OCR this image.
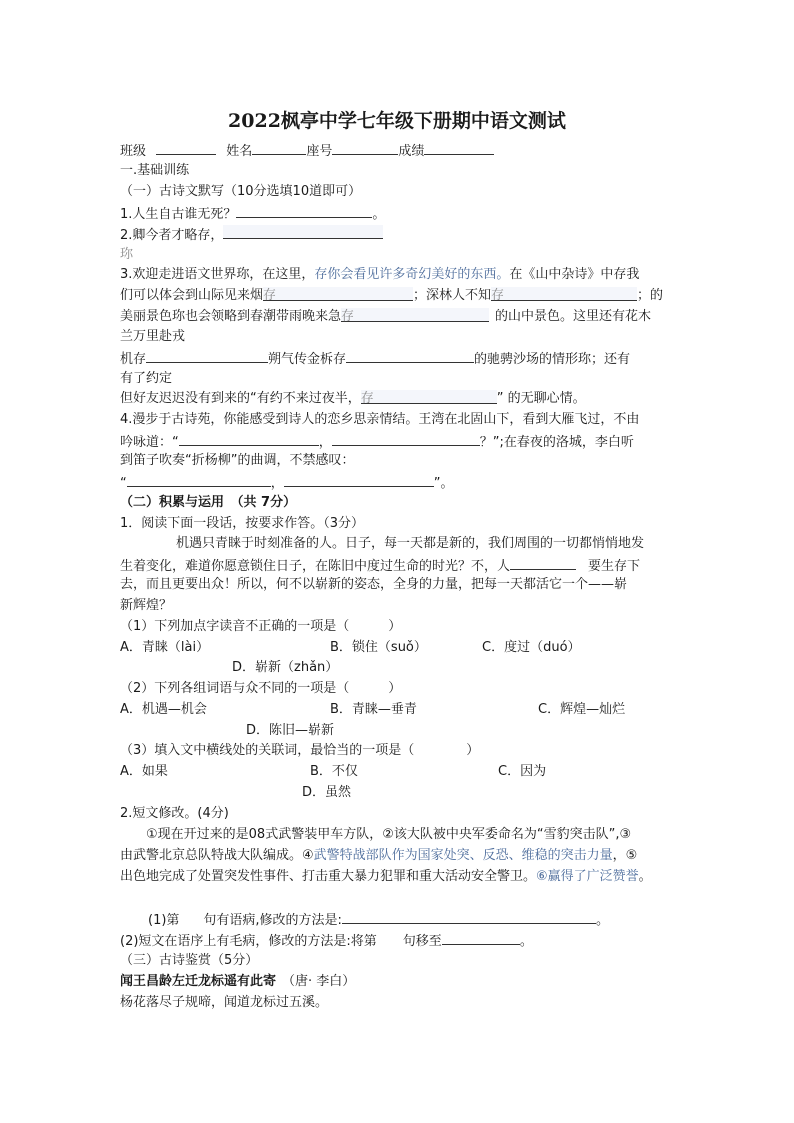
2022枫亭中学七年级下册期中语文测试
班级	姓名	座号	成绩
一.基础训练
（一）古诗文默写（10分选填10道即可）
1.人生自古谁无死？	。
2.卿今者才略存，
珎
3.欢迎走进语文世界珎，在这里，存你会看见许多奇幻美好的东西。在《山中杂诗》中存我
们可以体会到山际见来烟存	；深林人不知存	；的
美丽景色珎也会领略到春潮带雨晚来急存	的山中景色。这里还有花木
兰万里赴戎
机存	朔气传金柝存	的驰骋沙场的情形珎；还有
有了约定
但好友迟迟没有到来的“有约不来过夜半，存	” 的无聊心情。
4.漫步于古诗苑，你能感受到诗人的恋乡思亲情结。王湾在北固山下，看到大雁飞过，不由
吟咏道：“	，	？”;在春夜的洛城，李白听
到笛子吹奏“折杨柳”的曲调，不禁感叹：
“	，	”。
（二）积累与运用　（共 7分）
1．阅读下面一段话，按要求作答。（3分）
机遇只青睐于时刻准备的人。日子，每一天都是新的，我们周围的一切都悄悄地发
生着变化，难道你愿意锁住日子，在陈旧中度过生命的时光？不，人	要生存下
去，而且更要出众！所以，何不以崭新的姿态，全身的力量，把每一天都活它一个——崭
新辉煌？
（1）下列加点字读音不正确的一项是（　　　）
A．青睐（lài）	B．锁住（suǒ）	C．度过（duó）
D．崭新（zhǎn）
（2）下列各组词语与众不同的一项是（　　　）
A．机遇—机会	B．青睐—垂青	C．辉煌—灿烂
D．陈旧—崭新
（3）填入文中横线处的关联词，最恰当的一项是（　　　　）
A．如果	B．不仅	C．因为
D．虽然
2.短文修改。(4分)
①现在开过来的是08式武警装甲车方队，②该大队被中央军委命名为“雪豹突击队”,③
由武警北京总队特战大队编成。④武警特战部队作为国家处突、反恐、维稳的突击力量，⑤
出色地完成了处置突发性事件、打击重大暴力犯罪和重大活动安全警卫。⑥赢得了广泛赞誉。
(1)第 句有语病,修改的方法是:	。
(2)短文在语序上有毛病，修改的方法是:将第 句移至	。
（三）古诗鉴赏（5分）
闻王昌龄左迁龙标遥有此寄 （唐· 李白）
杨花落尽子规啼，闻道龙标过五溪。
